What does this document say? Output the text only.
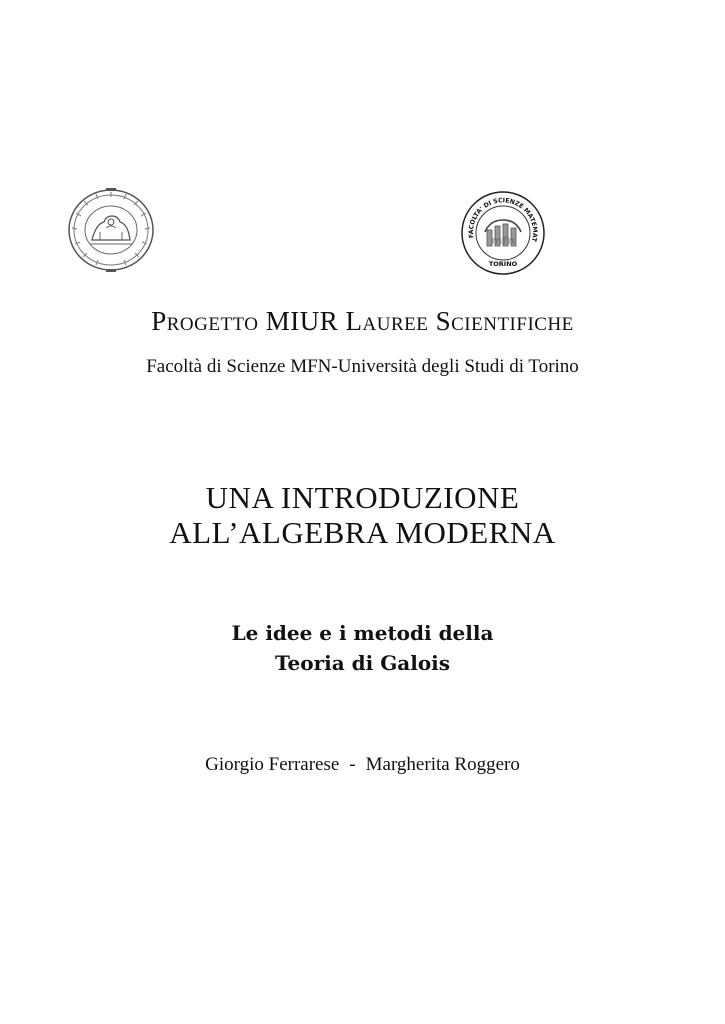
FACOLTA' DI SCIENZE MATEMAT
mfn
TORINO
Progetto MIUR Lauree Scientifiche
Facoltà di Scienze MFN-Università degli Studi di Torino
UNA INTRODUZIONE
ALL’ALGEBRA MODERNA
Le idee e i metodi della
Teoria di Galois
Giorgio Ferrarese - Margherita Roggero
